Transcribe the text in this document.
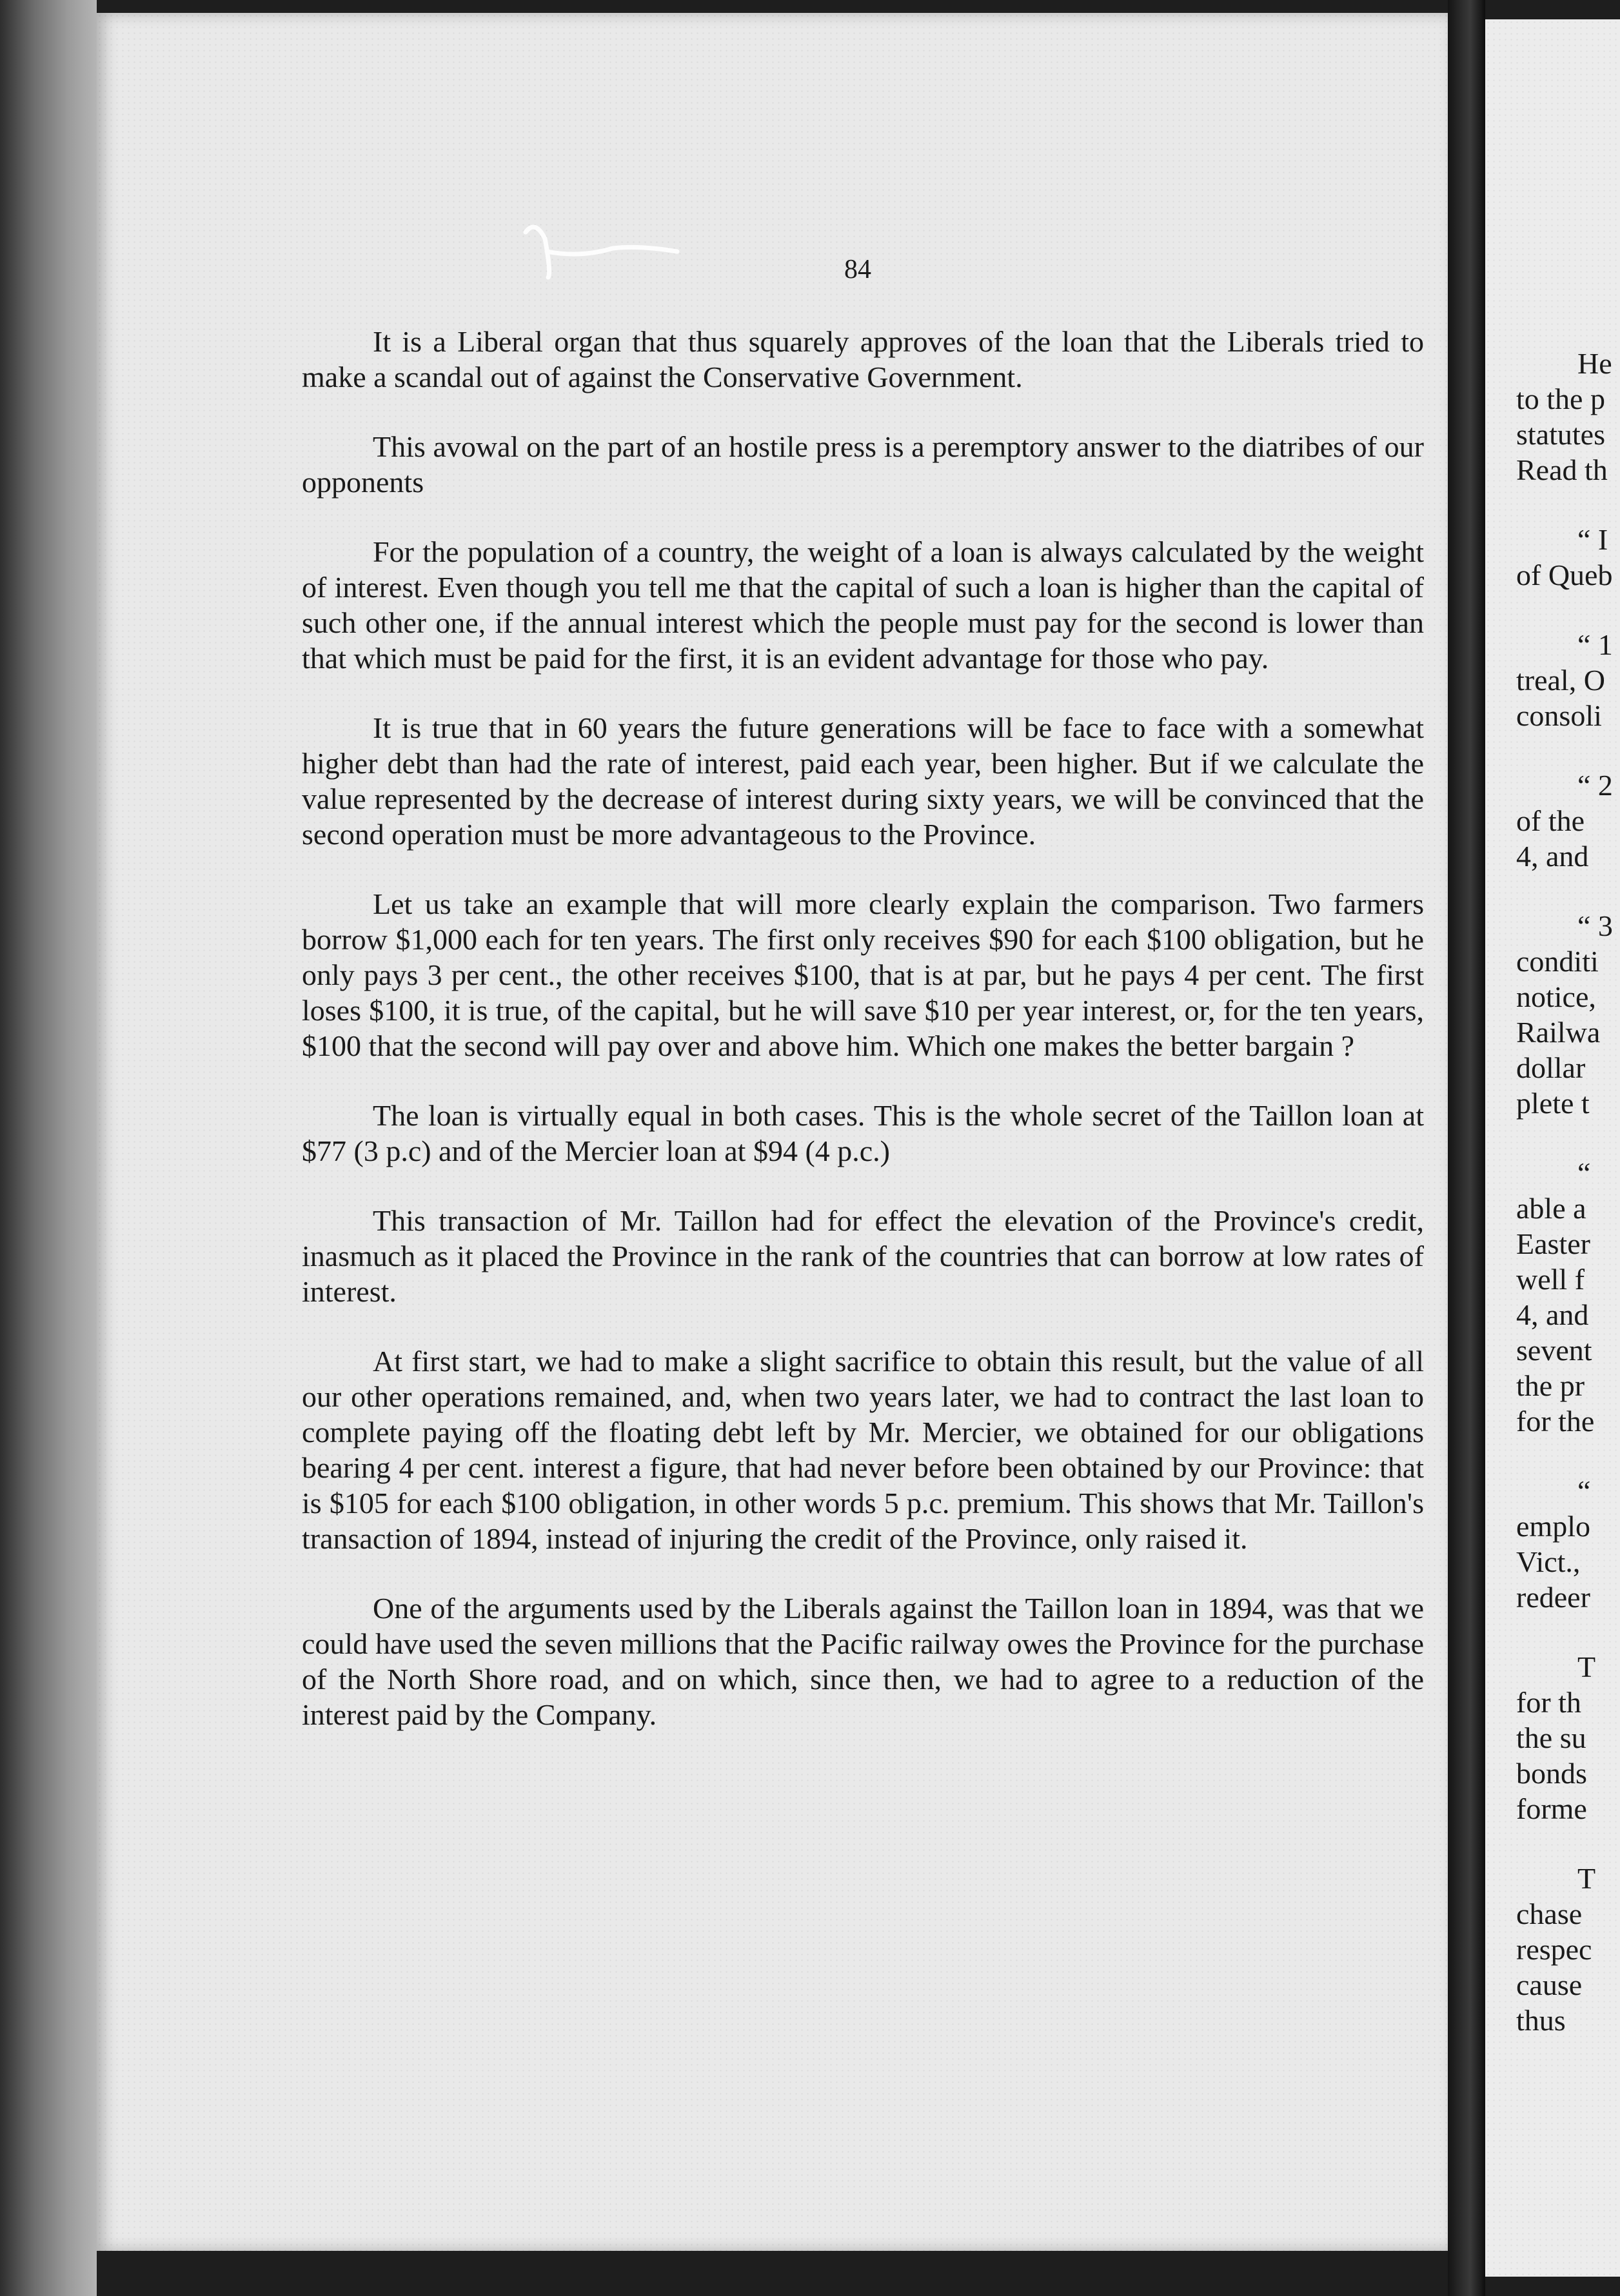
84

It is a Liberal organ that thus squarely approves of the loan that the Liberals tried to make a scandal out of against the Conservative Government.

This avowal on the part of an hostile press is a peremptory answer to the diatribes of our opponents

For the population of a country, the weight of a loan is always calculated by the weight of interest. Even though you tell me that the capital of such a loan is higher than the capital of such other one, if the annual interest which the people must pay for the second is lower than that which must be paid for the first, it is an evident advantage for those who pay.

It is true that in 60 years the future generations will be face to face with a somewhat higher debt than had the rate of interest, paid each year, been higher. But if we calculate the value represented by the decrease of interest during sixty years, we will be convinced that the second operation must be more advantageous to the Province.

Let us take an example that will more clearly explain the comparison. Two farmers borrow $1,000 each for ten years. The first only receives $90 for each $100 obligation, but he only pays 3 per cent., the other receives $100, that is at par, but he pays 4 per cent. The first loses $100, it is true, of the capital, but he will save $10 per year interest, or, for the ten years, $100 that the second will pay over and above him. Which one makes the better bargain ?

The loan is virtually equal in both cases. This is the whole secret of the Taillon loan at $77 (3 p.c) and of the Mercier loan at $94 (4 p.c.)

This transaction of Mr. Taillon had for effect the elevation of the Province's credit, inasmuch as it placed the Province in the rank of the countries that can borrow at low rates of interest.

At first start, we had to make a slight sacrifice to obtain this result, but the value of all our other operations remained, and, when two years later, we had to contract the last loan to complete paying off the floating debt left by Mr. Mercier, we obtained for our obligations bearing 4 per cent. interest a figure, that had never before been obtained by our Province: that is $105 for each $100 obligation, in other words 5 p.c. premium. This shows that Mr. Taillon's transaction of 1894, instead of injuring the credit of the Province, only raised it.

One of the arguments used by the Liberals against the Taillon loan in 1894, was that we could have used the seven millions that the Pacific railway owes the Province for the purchase of the North Shore road, and on which, since then, we had to agree to a reduction of the interest paid by the Company.

He

to the p

statutes

Read th

“ I

of Queb

“ 1

treal, O

consoli

“ 2

of the

4, and

“ 3

conditi

notice,

Railwa

dollar

plete t

“

able a

Easter

well f

4, and

sevent

the pr

for the

“

emplo

Vict.,

redeer

T

for th

the su

bonds

forme

T

chase

respec

cause

thus
